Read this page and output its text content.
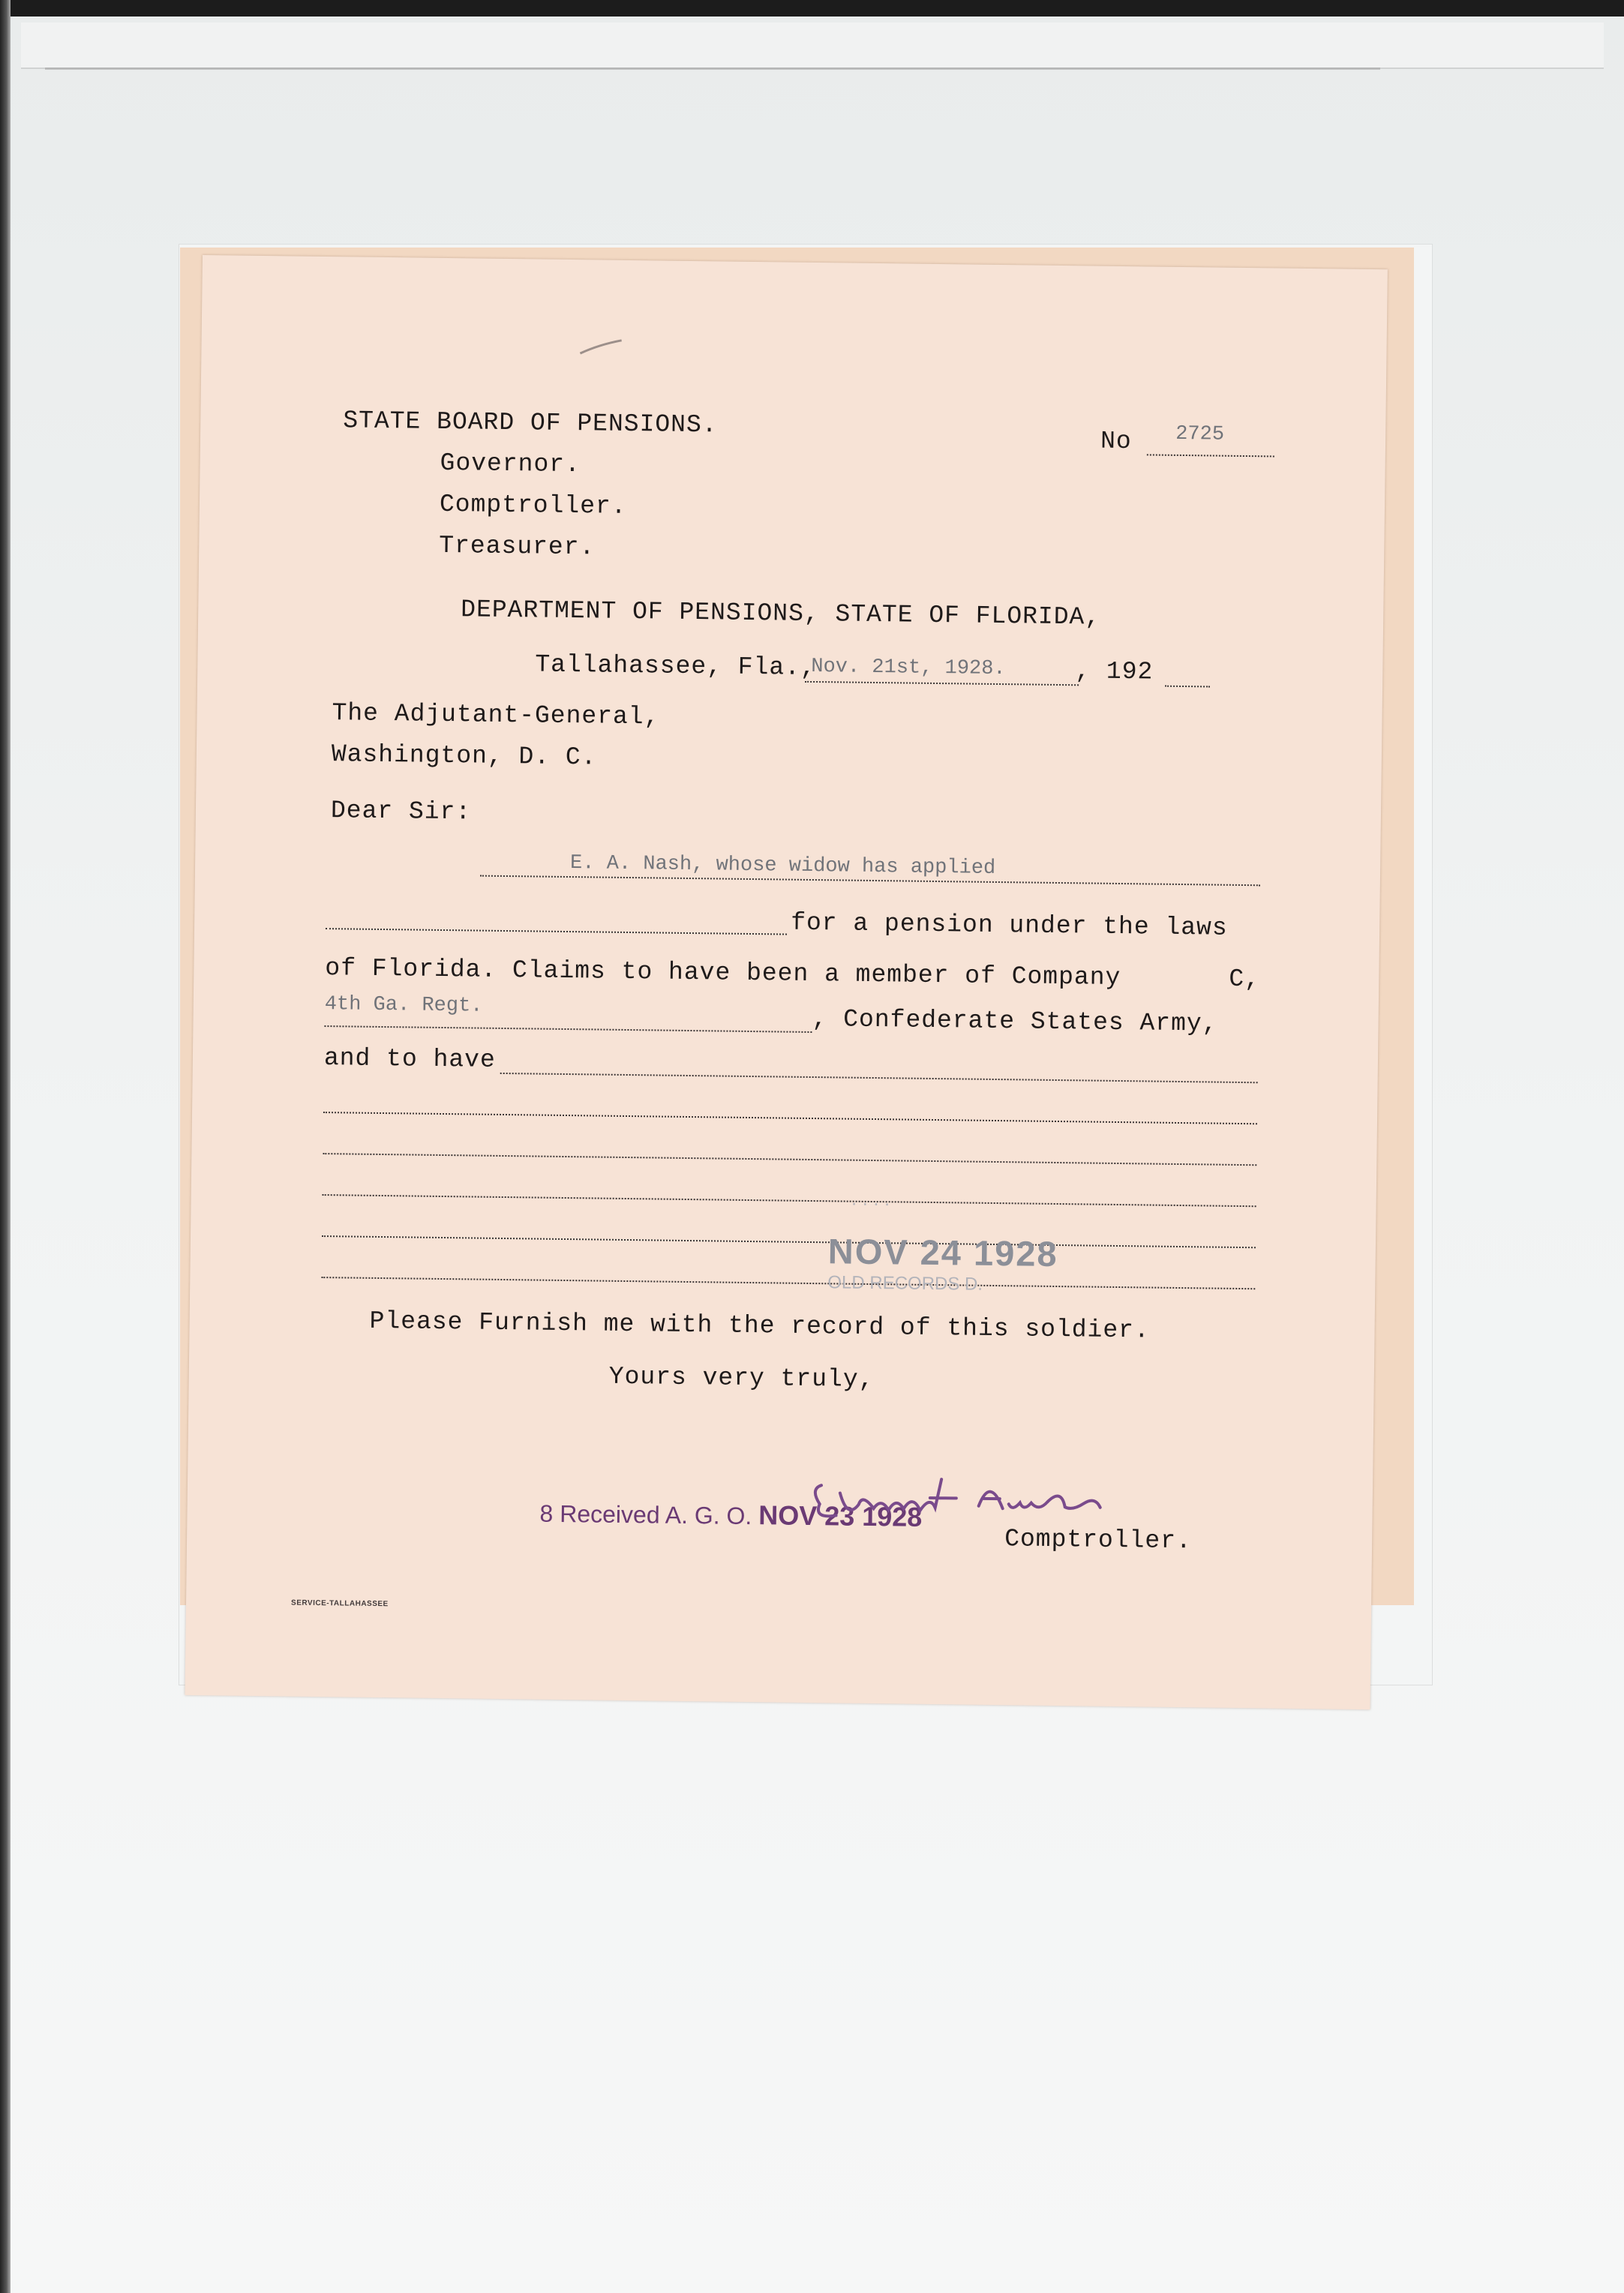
STATE BOARD OF PENSIONS.
Governor.
Comptroller.
Treasurer.
No 2725
DEPARTMENT OF PENSIONS, STATE OF FLORIDA,
Tallahassee, Fla.,
Nov. 21st, 1928.	, 192
The Adjutant-General,
Washington, D. C.
Dear Sir:
E. A. Nash, whose widow has applied
for a pension under the laws
of Florida. Claims to have been a member of Company	C,
4th Ga. Regt.	, Confederate States Army,
and to have
· · · ·
NOV 24 1928
OLD RECORDS D.
Please Furnish me with the record of this soldier.
Yours very truly,
8 Received A. G. O. NOV 23 1928
Comptroller.
SERVICE-TALLAHASSEE
